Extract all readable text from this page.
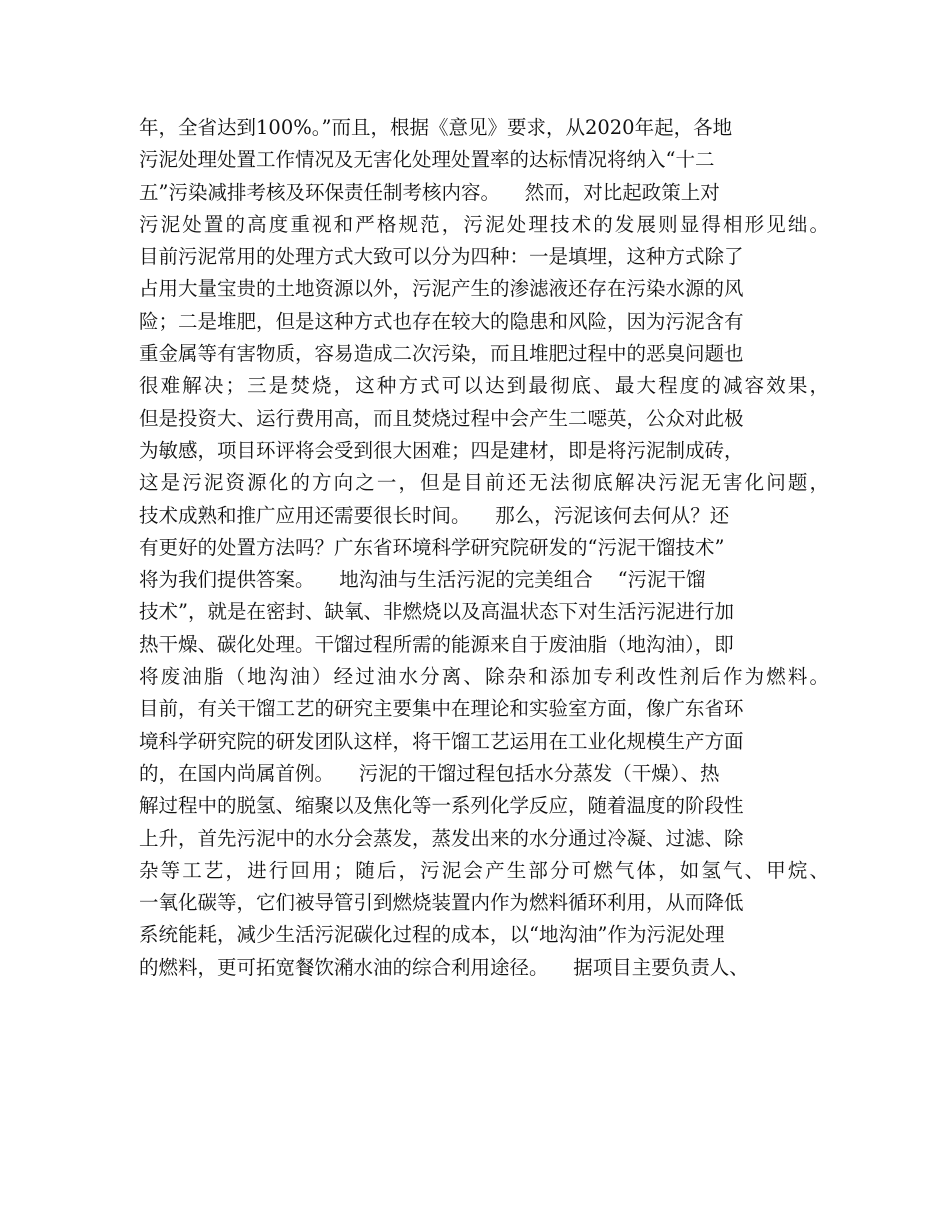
年，全省达到100%。”而且，根据《意见》要求，从2020年起，各地
污泥处理处置工作情况及无害化处理处置率的达标情况将纳入“十二
五”污染减排考核及环保责任制考核内容。    然而，对比起政策上对
污泥处置的高度重视和严格规范，污泥处理技术的发展则显得相形见绌。
目前污泥常用的处理方式大致可以分为四种：一是填埋，这种方式除了
占用大量宝贵的土地资源以外，污泥产生的渗滤液还存在污染水源的风
险；二是堆肥，但是这种方式也存在较大的隐患和风险，因为污泥含有
重金属等有害物质，容易造成二次污染，而且堆肥过程中的恶臭问题也
很难解决；三是焚烧，这种方式可以达到最彻底、最大程度的减容效果，
但是投资大、运行费用高，而且焚烧过程中会产生二噁英，公众对此极
为敏感，项目环评将会受到很大困难；四是建材，即是将污泥制成砖，
这是污泥资源化的方向之一，但是目前还无法彻底解决污泥无害化问题，
技术成熟和推广应用还需要很长时间。    那么，污泥该何去何从？还
有更好的处置方法吗？广东省环境科学研究院研发的“污泥干馏技术”
将为我们提供答案。    地沟油与生活污泥的完美组合    “污泥干馏
技术”，就是在密封、缺氧、非燃烧以及高温状态下对生活污泥进行加
热干燥、碳化处理。干馏过程所需的能源来自于废油脂（地沟油），即
将废油脂（地沟油）经过油水分离、除杂和添加专利改性剂后作为燃料。
目前，有关干馏工艺的研究主要集中在理论和实验室方面，像广东省环
境科学研究院的研发团队这样，将干馏工艺运用在工业化规模生产方面
的，在国内尚属首例。    污泥的干馏过程包括水分蒸发（干燥）、热
解过程中的脱氢、缩聚以及焦化等一系列化学反应，随着温度的阶段性
上升，首先污泥中的水分会蒸发，蒸发出来的水分通过冷凝、过滤、除
杂等工艺，进行回用；随后，污泥会产生部分可燃气体，如氢气、甲烷、
一氧化碳等，它们被导管引到燃烧装置内作为燃料循环利用，从而降低
系统能耗，减少生活污泥碳化过程的成本，以“地沟油”作为污泥处理
的燃料，更可拓宽餐饮潲水油的综合利用途径。    据项目主要负责人、
